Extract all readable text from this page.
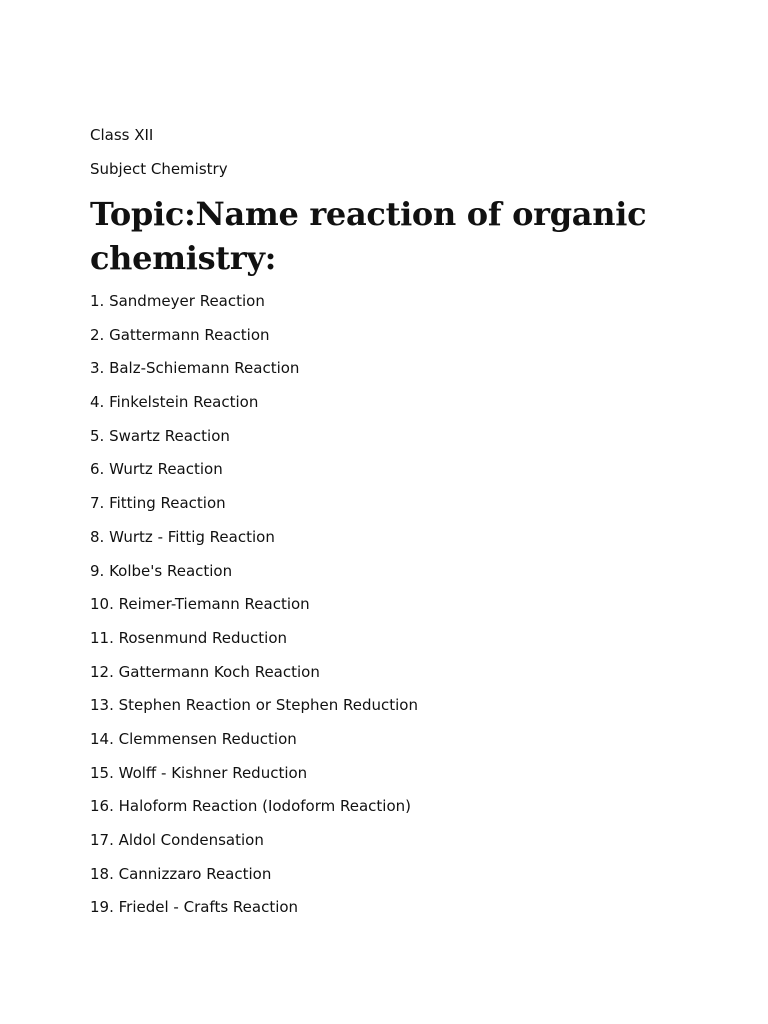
Class XII

Subject Chemistry

Topic:Name reaction of organic chemistry:
1. Sandmeyer Reaction
2. Gattermann Reaction
3. Balz-Schiemann Reaction
4. Finkelstein Reaction
5. Swartz Reaction
6. Wurtz Reaction
7. Fitting Reaction
8. Wurtz - Fittig Reaction
9. Kolbe's Reaction
10. Reimer-Tiemann Reaction
11. Rosenmund Reduction
12. Gattermann Koch Reaction
13. Stephen Reaction or Stephen Reduction
14. Clemmensen Reduction
15. Wolff - Kishner Reduction
16. Haloform Reaction (Iodoform Reaction)
17. Aldol Condensation
18. Cannizzaro Reaction
19. Friedel - Crafts Reaction
